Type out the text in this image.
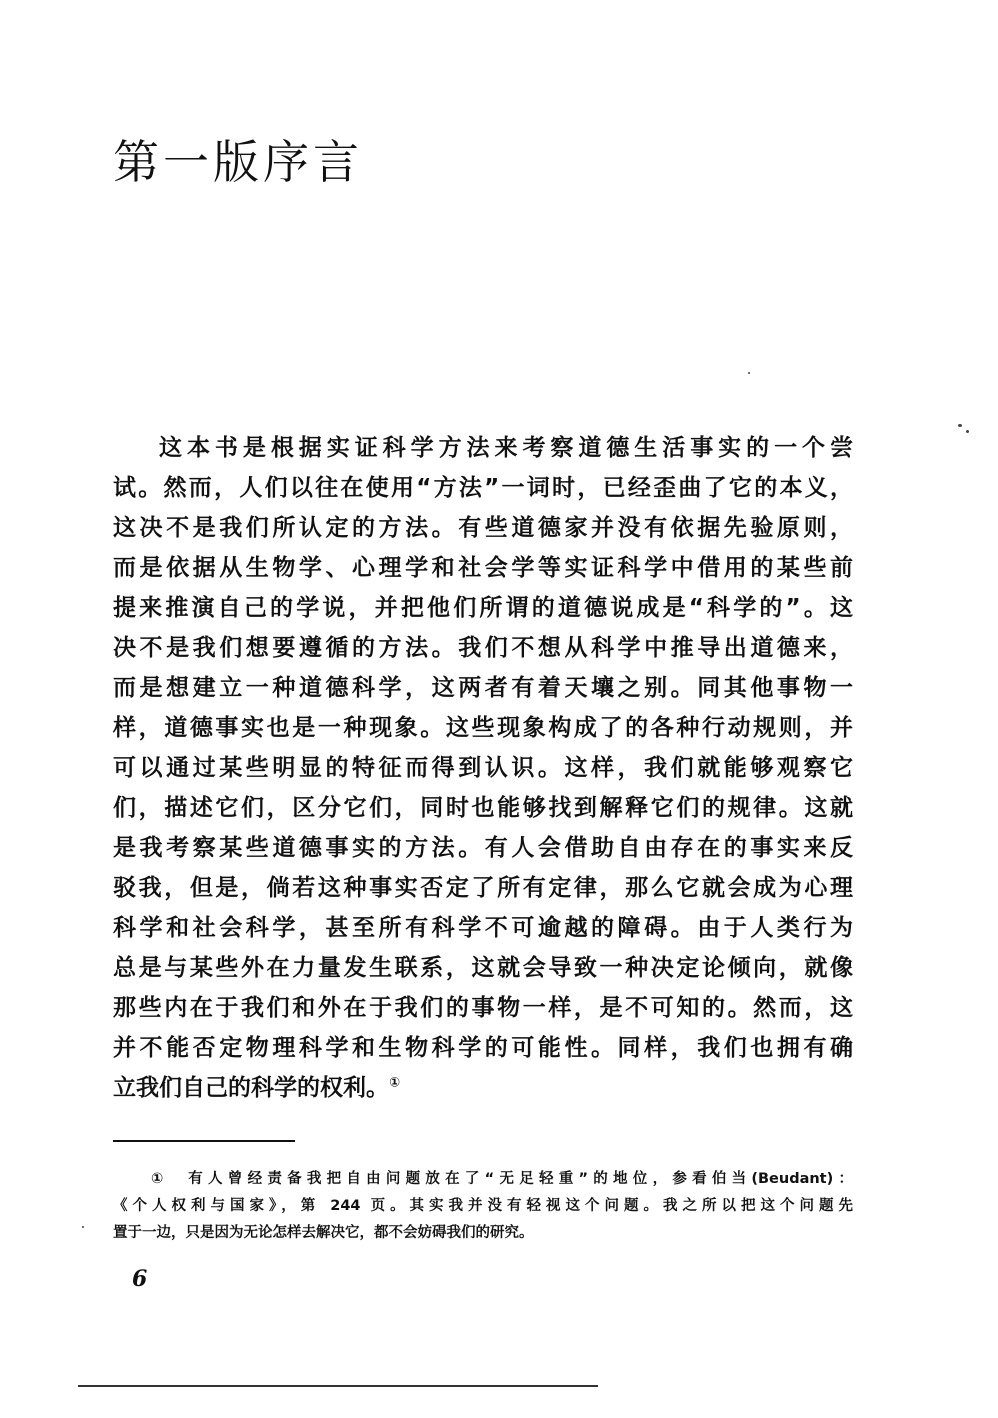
第一版序言
这本书是根据实证科学方法来考察道德生活事实的一个尝
试。然而，人们以往在使用“方法”一词时，已经歪曲了它的本义，
这决不是我们所认定的方法。有些道德家并没有依据先验原则，
而是依据从生物学、心理学和社会学等实证科学中借用的某些前
提来推演自己的学说，并把他们所谓的道德说成是“科学的”。这
决不是我们想要遵循的方法。我们不想从科学中推导出道德来，
而是想建立一种道德科学，这两者有着天壤之别。同其他事物一
样，道德事实也是一种现象。这些现象构成了的各种行动规则，并
可以通过某些明显的特征而得到认识。这样，我们就能够观察它
们，描述它们，区分它们，同时也能够找到解释它们的规律。这就
是我考察某些道德事实的方法。有人会借助自由存在的事实来反
驳我，但是，倘若这种事实否定了所有定律，那么它就会成为心理
科学和社会科学，甚至所有科学不可逾越的障碍。由于人类行为
总是与某些外在力量发生联系，这就会导致一种决定论倾向，就像
那些内在于我们和外在于我们的事物一样，是不可知的。然而，这
并不能否定物理科学和生物科学的可能性。同样，我们也拥有确
立我们自己的科学的权利。①
①　有人曾经责备我把自由问题放在了“无足轻重”的地位，参看伯当(Beudant)：
《个人权利与国家》，第 244 页。其实我并没有轻视这个问题。我之所以把这个问题先
置于一边，只是因为无论怎样去解决它，都不会妨碍我们的研究。
6
